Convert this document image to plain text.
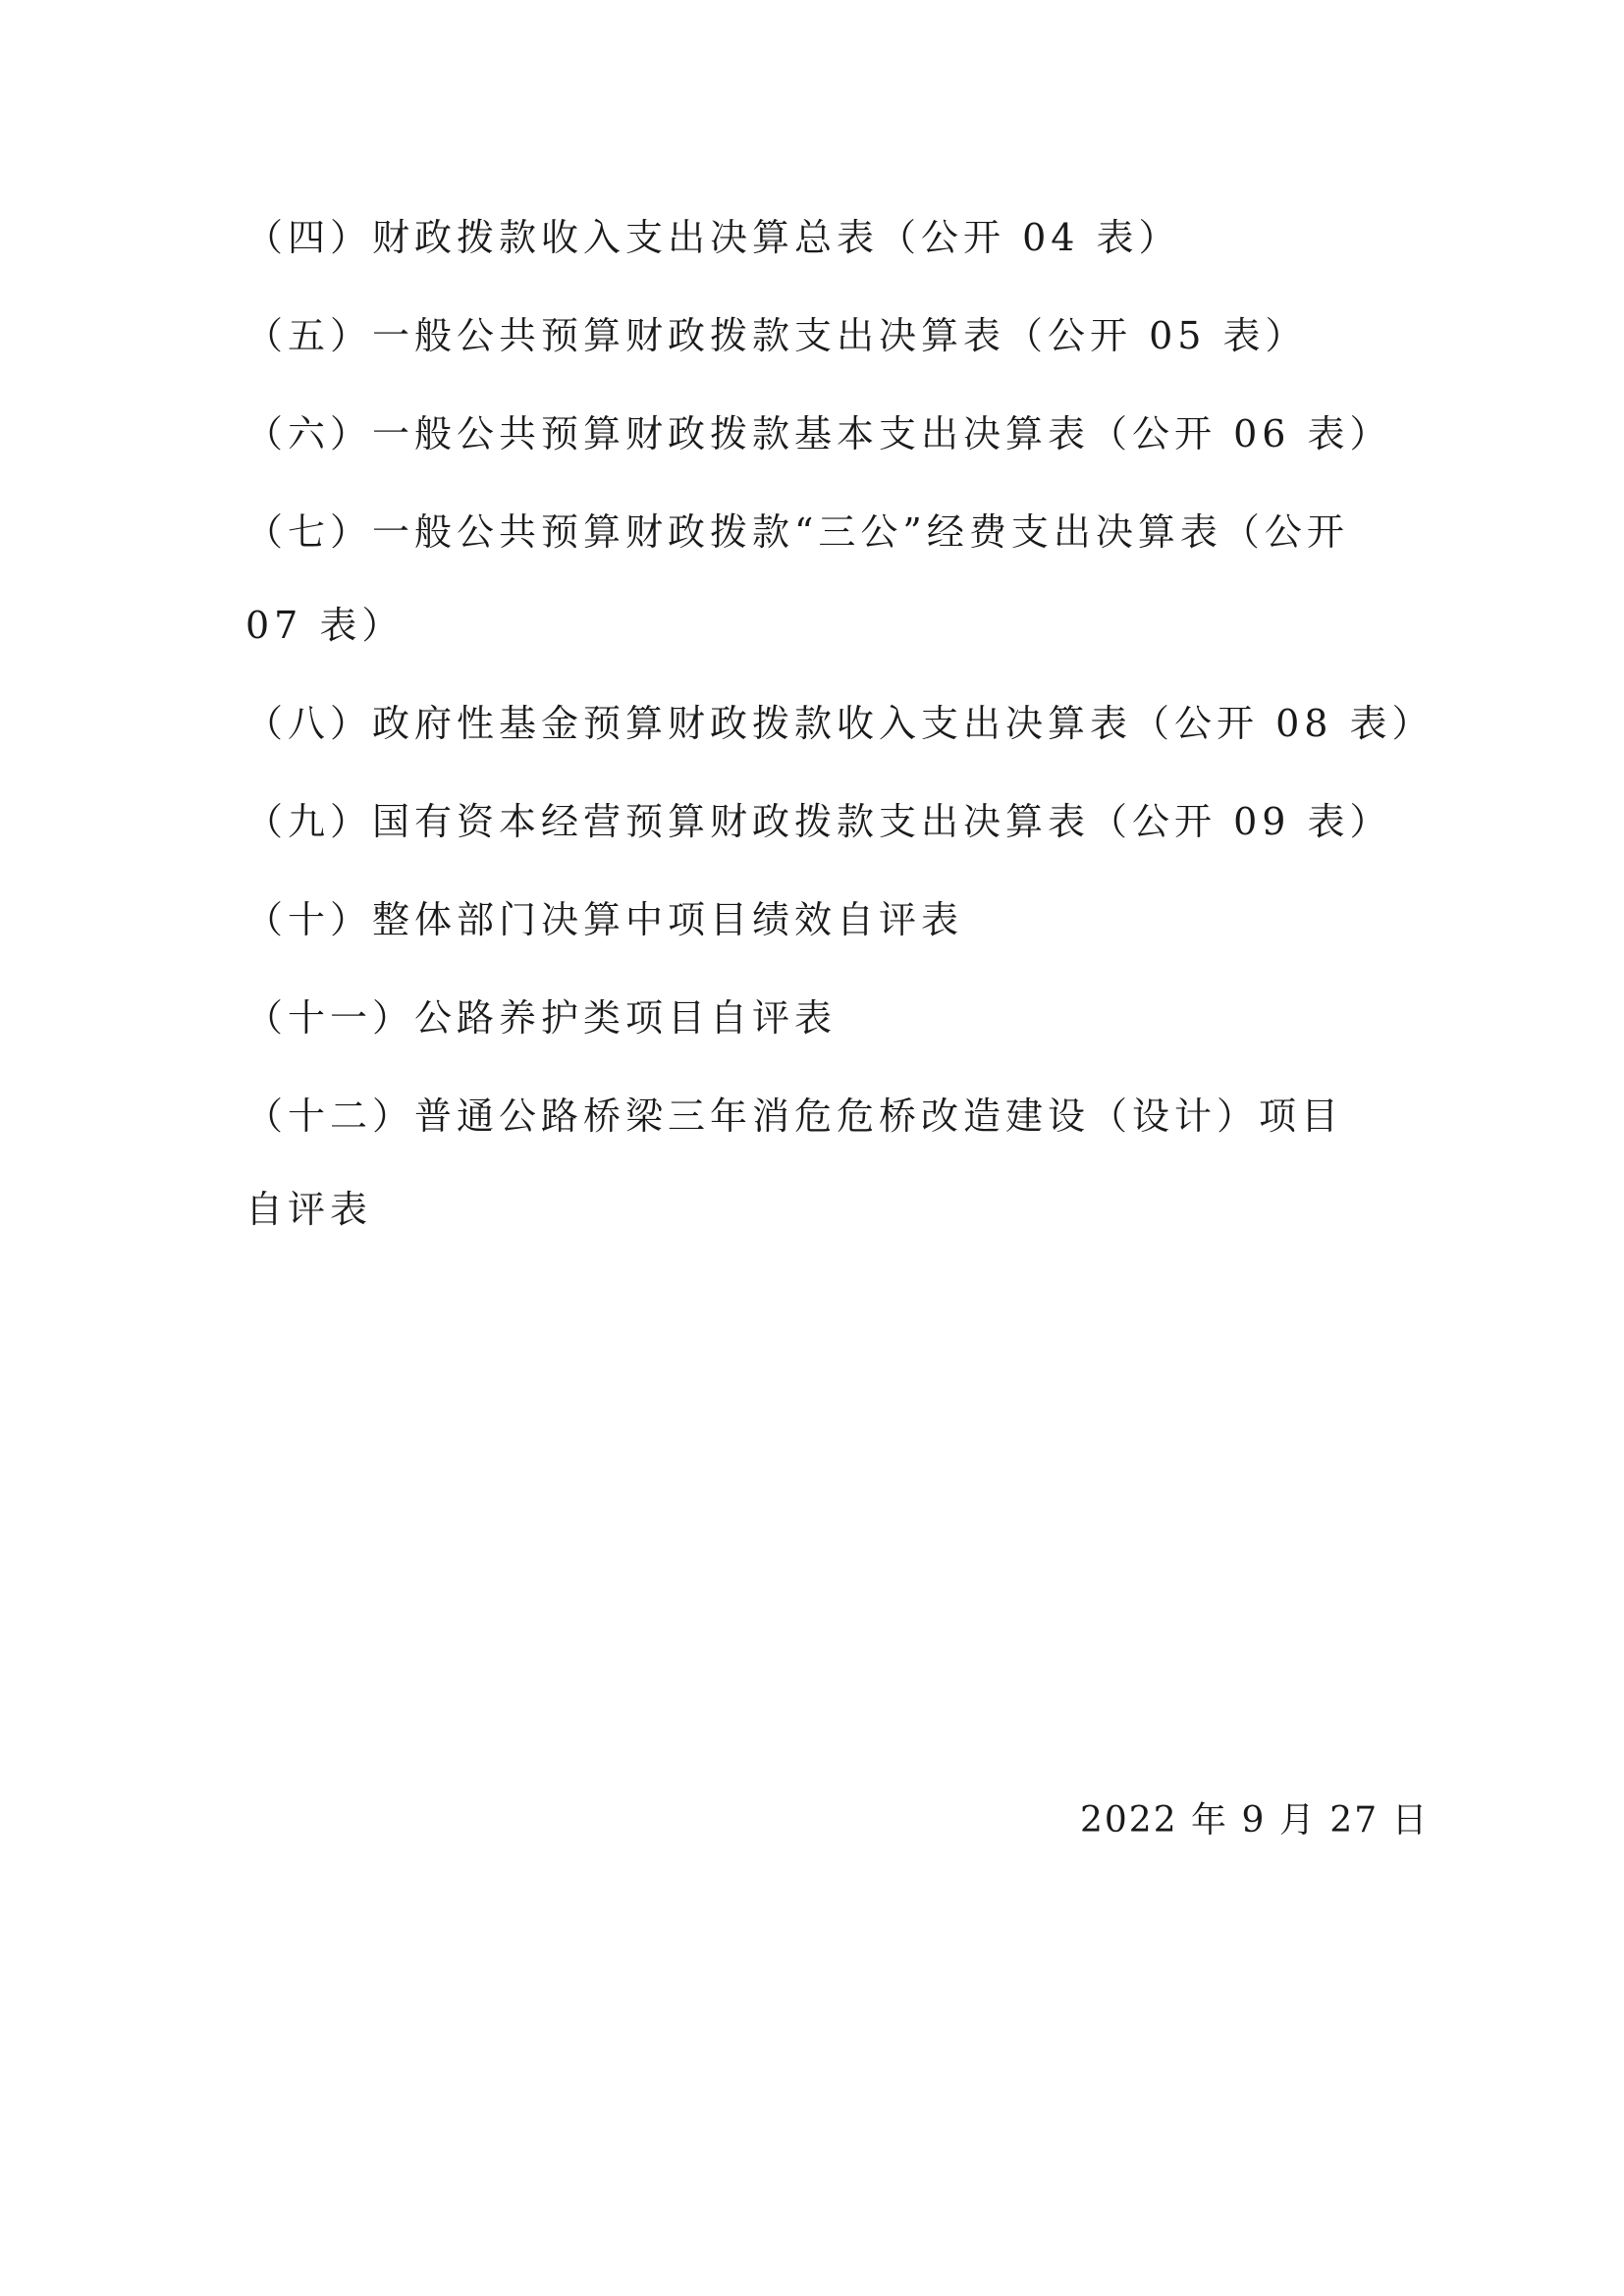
（四）财政拨款收入支出决算总表（公开 04 表）
（五）一般公共预算财政拨款支出决算表（公开 05 表）
（六）一般公共预算财政拨款基本支出决算表（公开 06 表）
（七）一般公共预算财政拨款“三公”经费支出决算表（公开
07 表）
（八）政府性基金预算财政拨款收入支出决算表（公开 08 表）
（九）国有资本经营预算财政拨款支出决算表（公开 09 表）
（十）整体部门决算中项目绩效自评表
（十一）公路养护类项目自评表
（十二）普通公路桥梁三年消危危桥改造建设（设计）项目
自评表
2022 年 9 月 27 日
